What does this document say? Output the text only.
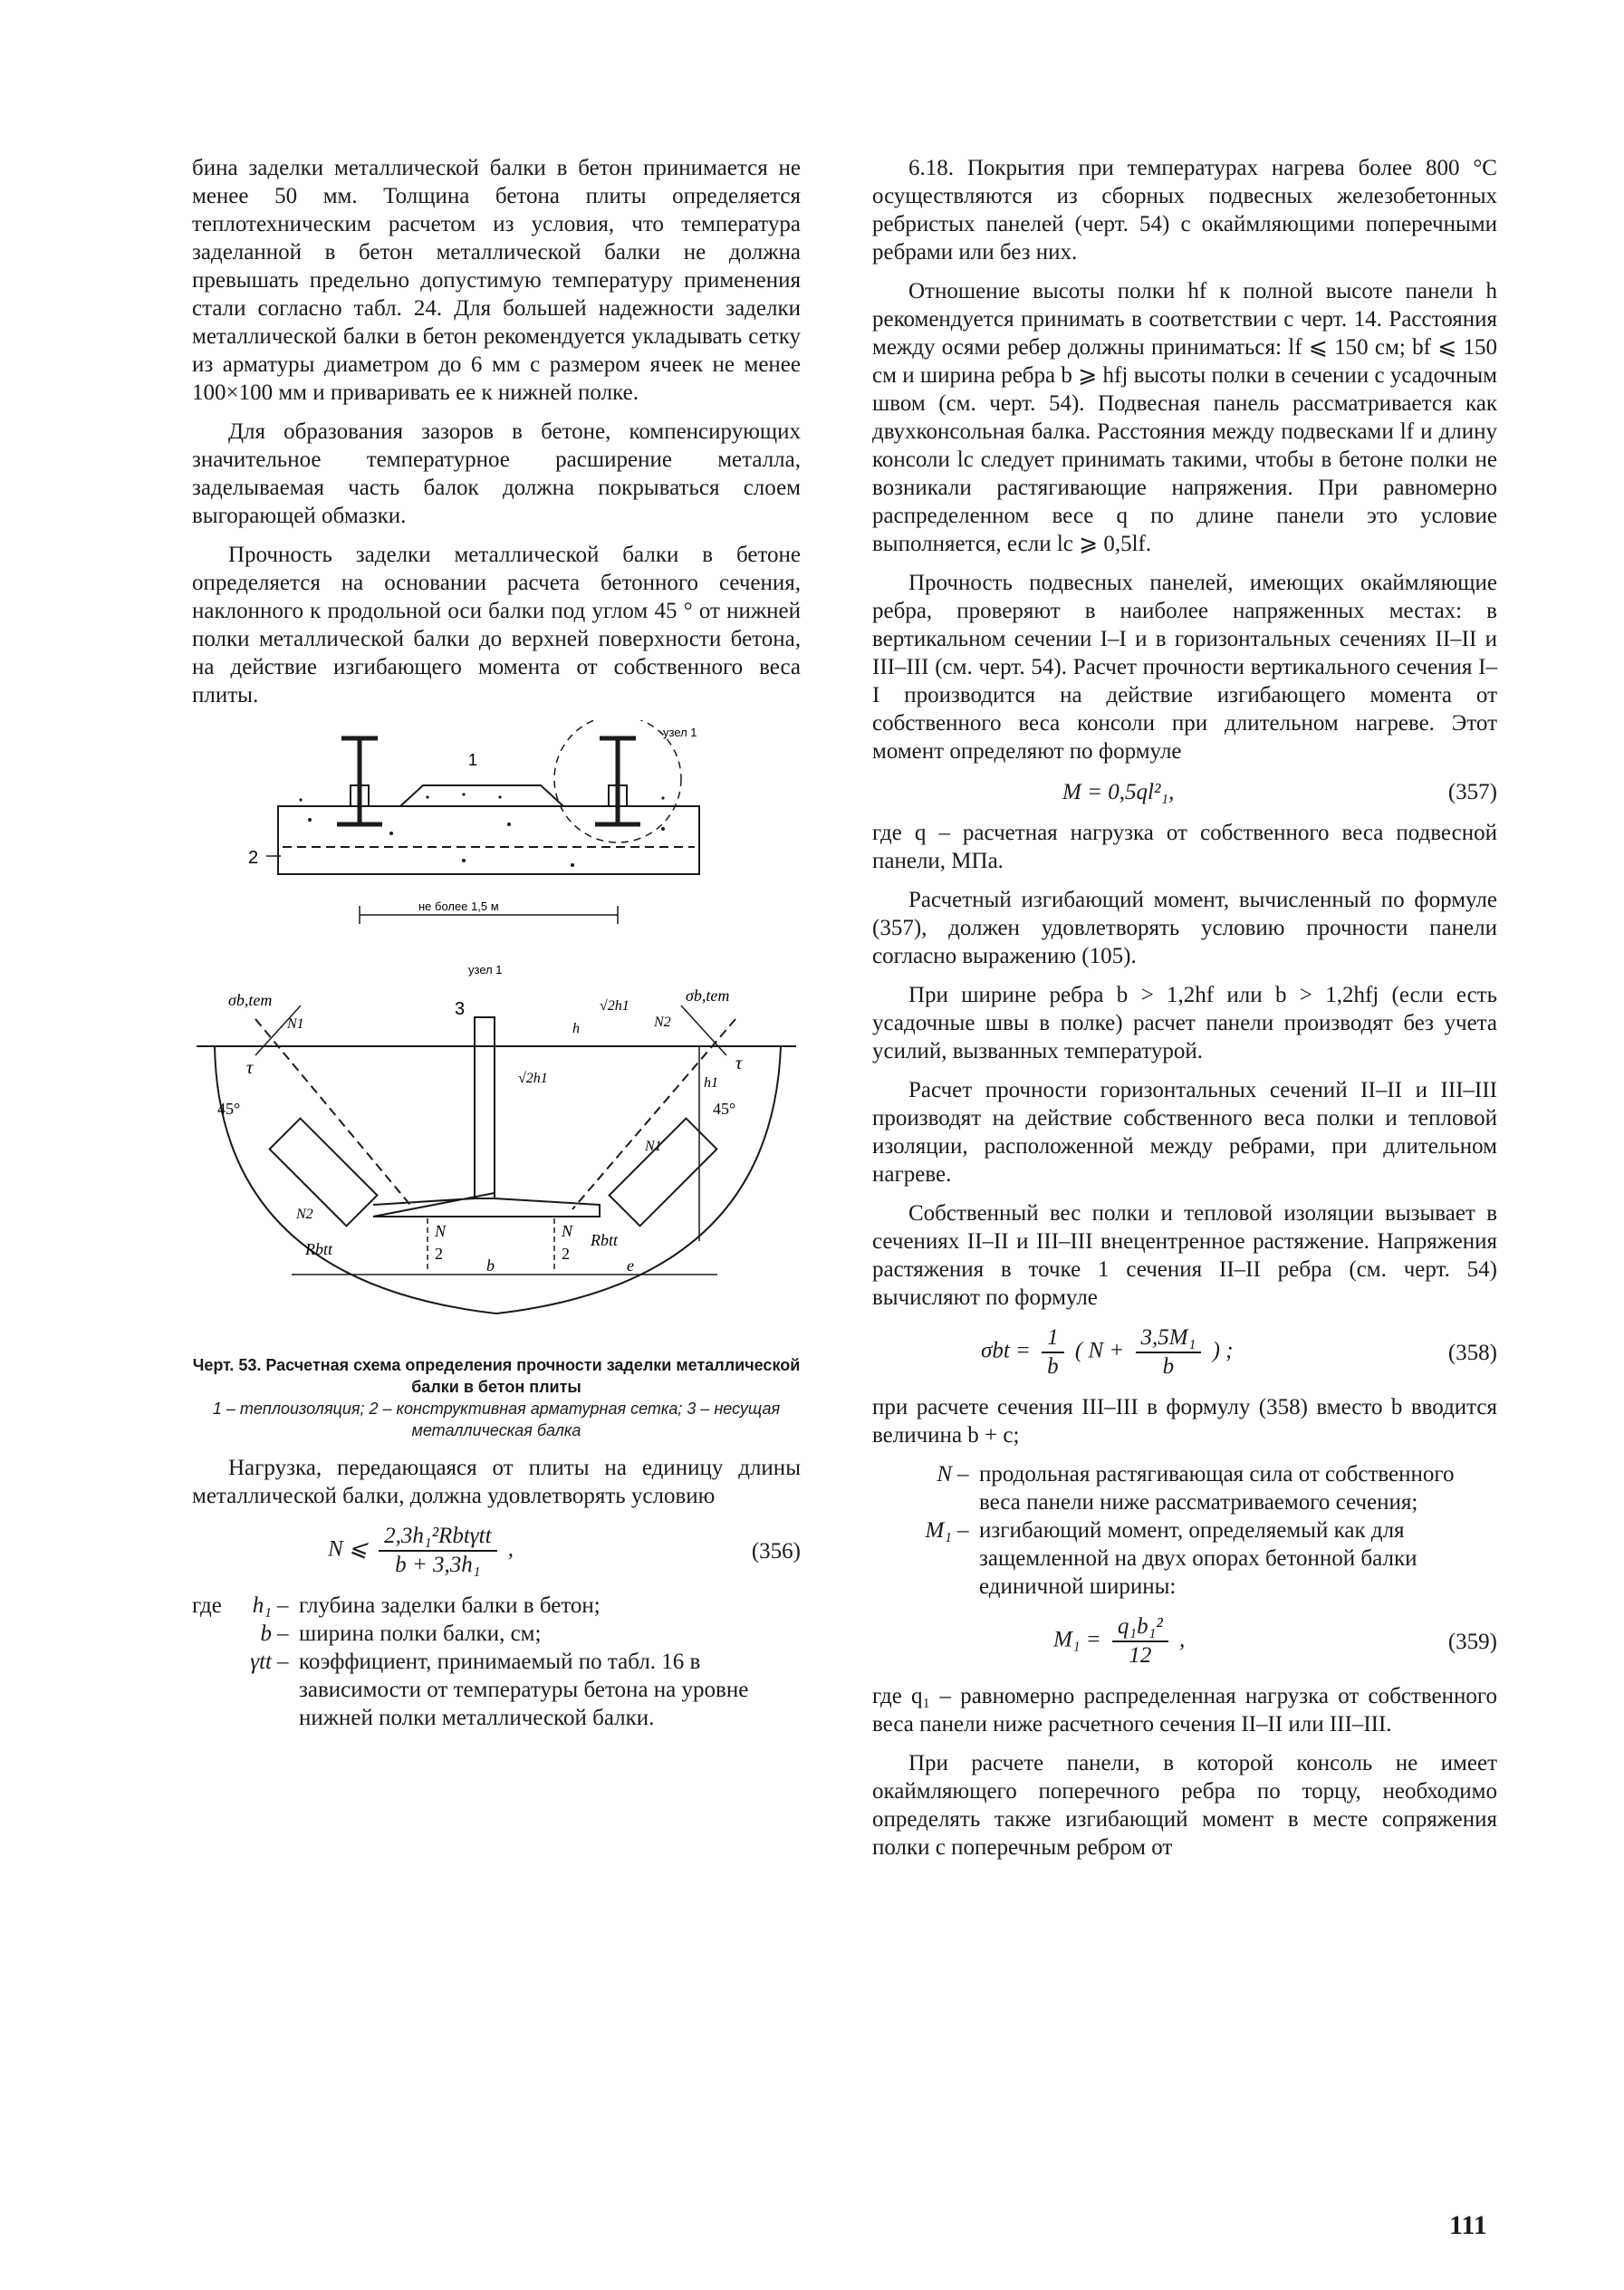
бина заделки металлической балки в бетон принимается не менее 50 мм. Толщина бетона плиты определяется теплотехническим расчетом из условия, что температура заделанной в бетон металлической балки не должна превышать предельно допустимую температуру применения стали согласно табл. 24. Для большей надежности заделки металлической балки в бетон рекомендуется укладывать сетку из арматуры диаметром до 6 мм с размером ячеек не менее 100×100 мм и приваривать ее к нижней полке.

Для образования зазоров в бетоне, компенсирующих значительное температурное расширение металла, заделываемая часть балок должна покрываться слоем выгорающей обмазки.

Прочность заделки металлической балки в бетоне определяется на основании расчета бетонного сечения, наклонного к продольной оси балки под углом 45 ° от нижней полки металлической балки до верхней поверхности бетона, на действие изгибающего момента от собственного веса плиты.

1
2
узел 1
не более 1,5 м
узел 1
3
σb,tem	σb,tem
N1	N2
N1
N2
τ	τ
45°	45°
Rbtt	Rbtt
N
2
N
2
b	e
h1
√2h1
√2h1
h
Черт. 53. Расчетная схема определения прочности заделки металлической балки в бетон плиты
1 – теплоизоляция; 2 – конструктивная арматурная сетка; 3 – несущая металлическая балка

Нагрузка, передающаяся от плиты на единицу длины металлической балки, должна удовлетворять условию

N ⩽ $\frac{\text{2,3h₁²Rbtγtt}}{\text{b + 3,3h₁}}$ ,	(356)
где	h₁ – глубина заделки балки в бетон;
b – ширина полки балки, см;
γtt – коэффициент, принимаемый по табл. 16 в зависимости от температуры бетона на уровне нижней полки металлической балки.

6.18. Покрытия при температурах нагрева более 800 °С осуществляются из сборных подвесных железобетонных ребристых панелей (черт. 54) с окаймляющими поперечными ребрами или без них.

Отношение высоты полки hf к полной высоте панели h рекомендуется принимать в соответствии с черт. 14. Расстояния между осями ребер должны приниматься: lf ⩽ 150 см; bf ⩽ 150 см и ширина ребра b ⩾ hfj высоты полки в сечении с усадочным швом (см. черт. 54). Подвесная панель рассматривается как двухконсольная балка. Расстояния между подвесками lf и длину консоли lc следует принимать такими, чтобы в бетоне полки не возникали растягивающие напряжения. При равномерно распределенном весе q по длине панели это условие выполняется, если lc ⩾ 0,5lf.

Прочность подвесных панелей, имеющих окаймляющие ребра, проверяют в наиболее напряженных местах: в вертикальном сечении I–I и в горизонтальных сечениях II–II и III–III (см. черт. 54). Расчет прочности вертикального сечения I–I производится на действие изгибающего момента от собственного веса консоли при длительном нагреве. Этот момент определяют по формуле

M = 0,5ql²₁,	(357)

где q – расчетная нагрузка от собственного веса подвесной панели, МПа.

Расчетный изгибающий момент, вычисленный по формуле (357), должен удовлетворять условию прочности панели согласно выражению (105).

При ширине ребра b > 1,2hf или b > 1,2hfj (если есть усадочные швы в полке) расчет панели производят без учета усилий, вызванных температурой.

Расчет прочности горизонтальных сечений II–II и III–III производят на действие собственного веса полки и тепловой изоляции, расположенной между ребрами, при длительном нагреве.

Собственный вес полки и тепловой изоляции вызывает в сечениях II–II и III–III внецентренное растяжение. Напряжения растяжения в точке 1 сечения II–II ребра (см. черт. 54) вычисляют по формуле

$\sigma bt = \frac{1}{b}$ ( $N + \frac{\text{3,5M₁}}{b}$ ) ;	(358)

при расчете сечения III–III в формулу (358) вместо b вводится величина b + c;

N – продольная растягивающая сила от собственного веса панели ниже рассматриваемого сечения;
M₁ – изгибающий момент, определяемый как для защемленной на двух опорах бетонной балки единичной ширины:
$M_1 = \frac{\text{q₁b₁²}}{12}$ ,	(359)

где q₁ – равномерно распределенная нагрузка от собственного веса панели ниже расчетного сечения II–II или III–III.

При расчете панели, в которой консоль не имеет окаймляющего поперечного ребра по торцу, необходимо определять также изгибающий момент в месте сопряжения полки с поперечным ребром от

111
